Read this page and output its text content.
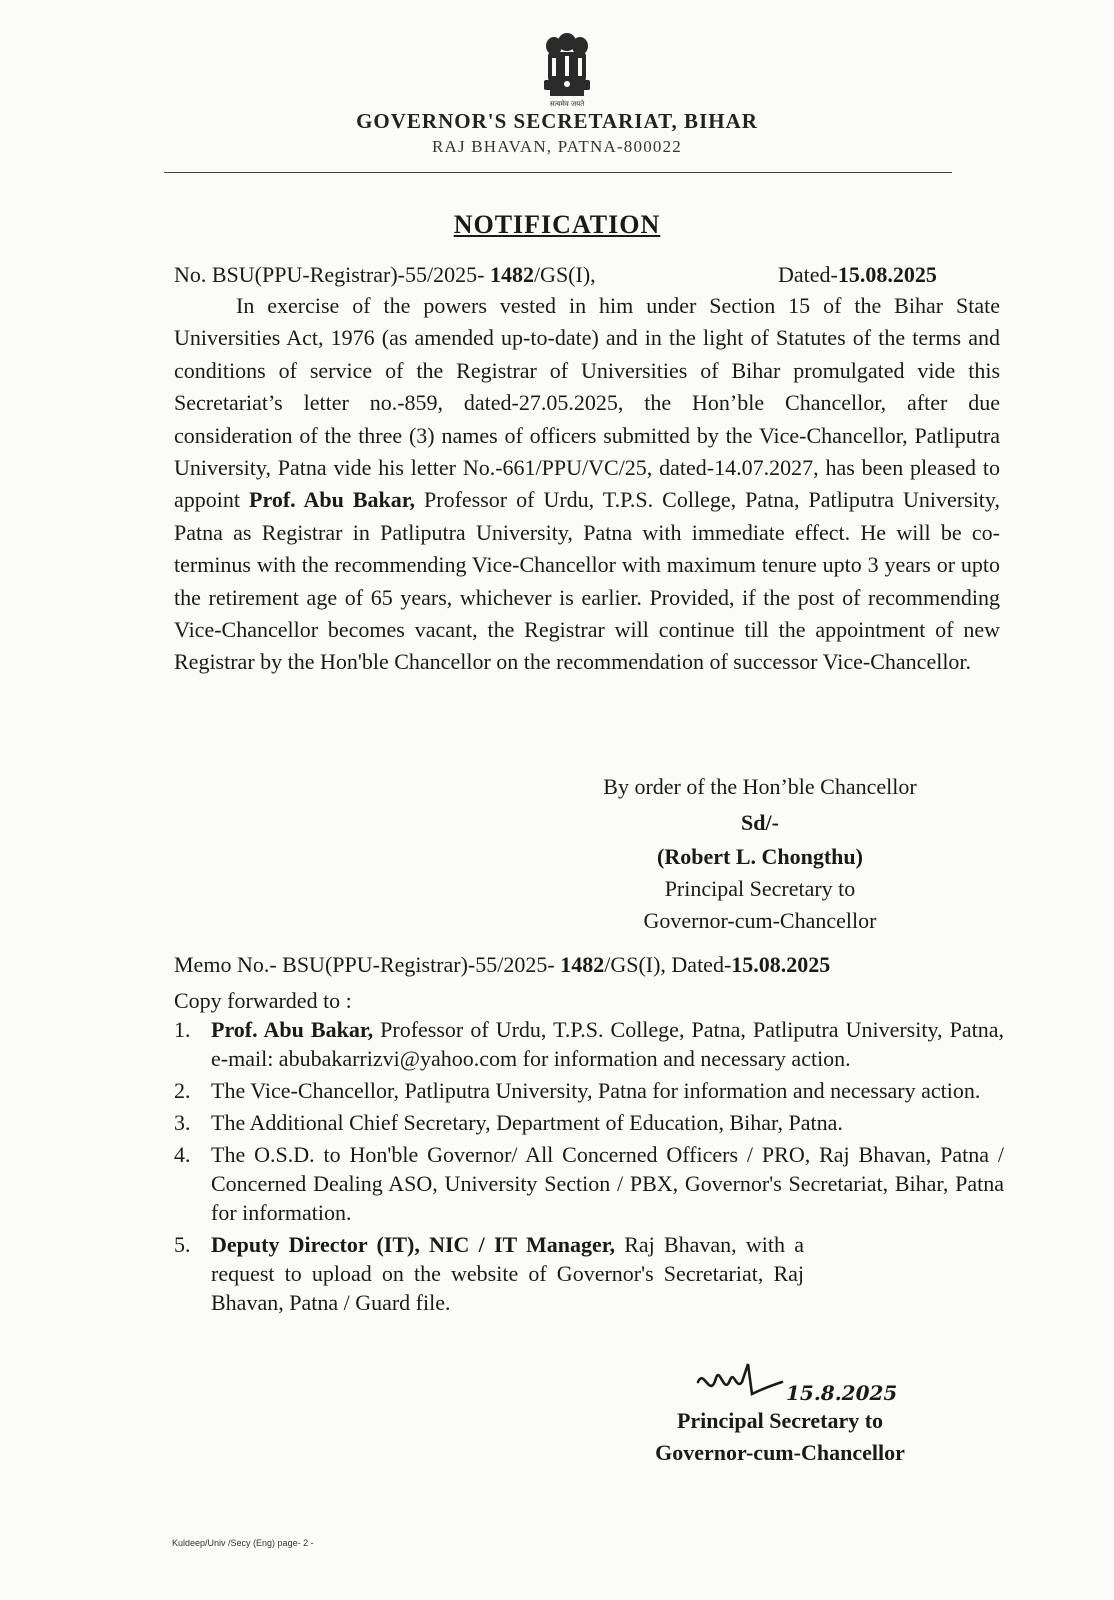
सत्यमेव जयते
GOVERNOR'S SECRETARIAT, BIHAR
RAJ BHAVAN, PATNA-800022
NOTIFICATION
No. BSU(PPU-Registrar)-55/2025- 1482/GS(I),	Dated-15.08.2025
In exercise of the powers vested in him under Section 15 of the Bihar State Universities Act, 1976 (as amended up-to-date) and in the light of Statutes of the terms and conditions of service of the Registrar of Universities of Bihar promulgated vide this Secretariat’s letter no.-859, dated-27.05.2025, the Hon’ble Chancellor, after due consideration of the three (3) names of officers submitted by the Vice-Chancellor, Patliputra University, Patna vide his letter No.-661/PPU/VC/25, dated-14.07.2027, has been pleased to appoint Prof. Abu Bakar, Professor of Urdu, T.P.S. College, Patna, Patliputra University, Patna as Registrar in Patliputra University, Patna with immediate effect. He will be co-terminus with the recommending Vice-Chancellor with maximum tenure upto 3 years or upto the retirement age of 65 years, whichever is earlier. Provided, if the post of recommending Vice-Chancellor becomes vacant, the Registrar will continue till the appointment of new Registrar by the Hon'ble Chancellor on the recommendation of successor Vice-Chancellor.
By order of the Hon’ble Chancellor
Sd/-
(Robert L. Chongthu)
Principal Secretary to
Governor-cum-Chancellor
Memo No.- BSU(PPU-Registrar)-55/2025- 1482/GS(I), Dated-15.08.2025
Copy forwarded to :
1. Prof. Abu Bakar, Professor of Urdu, T.P.S. College, Patna, Patliputra University, Patna, e-mail: abubakarrizvi@yahoo.com for information and necessary action.
2. The Vice-Chancellor, Patliputra University, Patna for information and necessary action.
3. The Additional Chief Secretary, Department of Education, Bihar, Patna.
4. The O.S.D. to Hon'ble Governor/ All Concerned Officers / PRO, Raj Bhavan, Patna / Concerned Dealing ASO, University Section / PBX, Governor's Secretariat, Bihar, Patna for information.
5. Deputy Director (IT), NIC / IT Manager, Raj Bhavan, with a request to upload on the website of Governor's Secretariat, Raj Bhavan, Patna / Guard file.
15.8.2025
Principal Secretary to
Governor-cum-Chancellor
Kuldeep/Univ /Secy (Eng) page- 2 -
